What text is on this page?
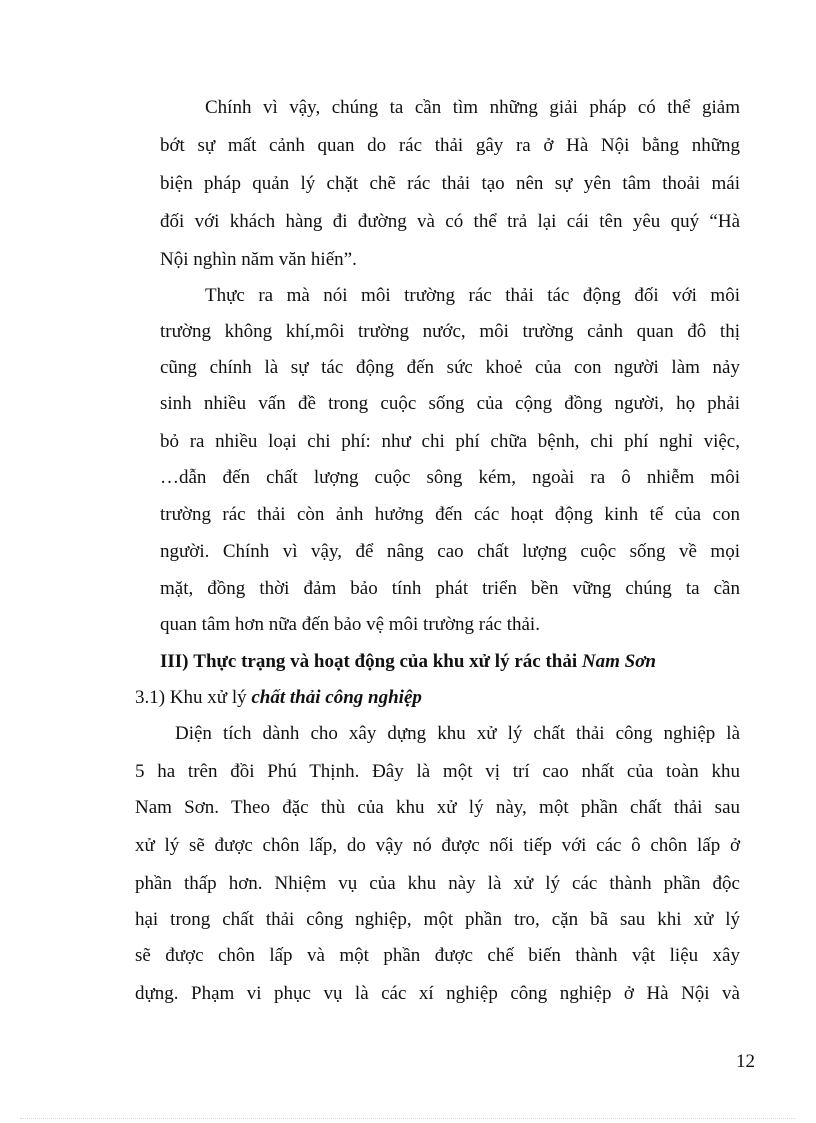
Chính vì vậy, chúng ta cần tìm những giải pháp có thể giảm
bớt sự mất cảnh quan do rác thải gây ra ở Hà Nội bằng những
biện pháp quản lý chặt chẽ rác thải tạo nên sự yên tâm thoải mái
đối với khách hàng đi đường và có thể trả lại cái tên yêu quý “Hà
Nội nghìn năm văn hiến”.
Thực ra mà nói môi trường rác thải tác động đối với môi
trường không khí,môi trường nước, môi trường cảnh quan đô thị
cũng chính là sự tác động đến sức khoẻ của con người làm nảy
sinh nhiều vấn đề trong cuộc sống của cộng đồng người, họ phải
bỏ ra nhiều loại chi phí: như chi phí chữa bệnh, chi phí nghỉ việc,
…dẫn đến chất lượng cuộc sông kém, ngoài ra ô nhiễm môi
trường rác thải còn ảnh hưởng đến các hoạt động kinh tế của con
người. Chính vì vậy, để nâng cao chất lượng cuộc sống về mọi
mặt, đồng thời đảm bảo tính phát triển bền vững chúng ta cần
quan tâm hơn nữa đến bảo vệ môi trường rác thải.
III) Thực trạng và hoạt động của khu xử lý rác thải Nam Sơn
3.1) Khu xử lý chất thải công nghiệp
Diện tích dành cho xây dựng khu xử lý chất thải công nghiệp là
5 ha trên đồi Phú Thịnh. Đây là một vị trí cao nhất của toàn khu
Nam Sơn. Theo đặc thù của khu xử lý này, một phần chất thải sau
xử lý sẽ được chôn lấp, do vậy nó được nối tiếp với các ô chôn lấp ở
phần thấp hơn. Nhiệm vụ của khu này là xử lý các thành phần độc
hại trong chất thải công nghiệp, một phần tro, cặn bã sau khi xử lý
sẽ được chôn lấp và một phần được chế biến thành vật liệu xây
dựng. Phạm vi phục vụ là các xí nghiệp công nghiệp ở Hà Nội và
12
